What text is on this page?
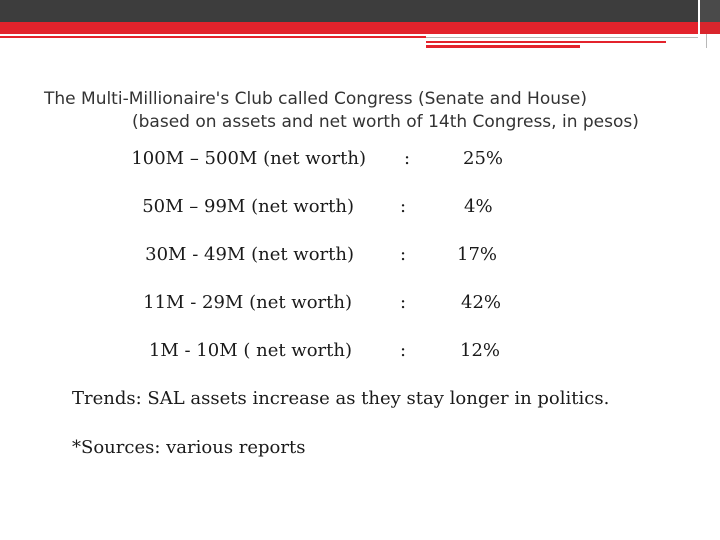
The Multi-Millionaire's Club called Congress (Senate and House)
(based on assets and net worth of 14th Congress, in pesos)
100M – 500M (net worth) :	25%
50M – 99M (net worth)	:	4%
30M - 49M (net worth)	:	17%
11M - 29M (net worth)	:	42%
1M - 10M ( net worth)	:	12%

Trends: SAL assets increase as they stay longer in politics.

*Sources: various reports
